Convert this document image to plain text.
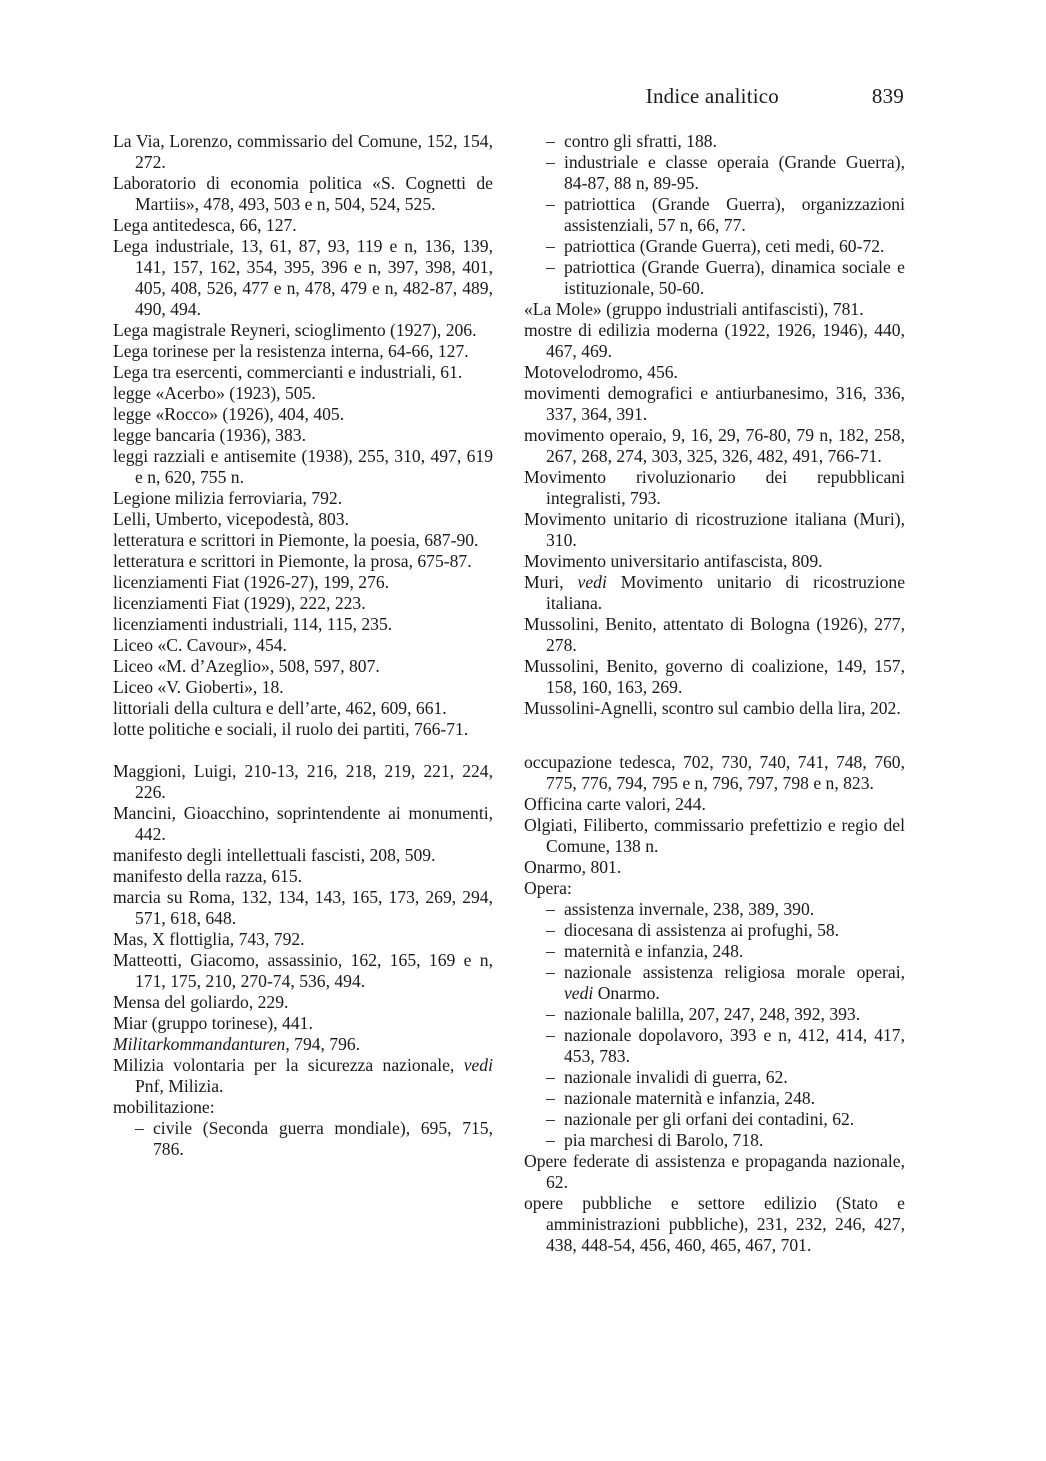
Indice analitico	839
La Via, Lorenzo, commissario del Comune, 152, 154, 272.
Laboratorio di economia politica «S. Cognetti de Martiis», 478, 493, 503 e n, 504, 524, 525.
Lega antitedesca, 66, 127.
Lega industriale, 13, 61, 87, 93, 119 e n, 136, 139, 141, 157, 162, 354, 395, 396 e n, 397, 398, 401, 405, 408, 526, 477 e n, 478, 479 e n, 482-87, 489, 490, 494.
Lega magistrale Reyneri, scioglimento (1927), 206.
Lega torinese per la resistenza interna, 64-66, 127.
Lega tra esercenti, commercianti e industriali, 61.
legge «Acerbo» (1923), 505.
legge «Rocco» (1926), 404, 405.
legge bancaria (1936), 383.
leggi razziali e antisemite (1938), 255, 310, 497, 619 e n, 620, 755 n.
Legione milizia ferroviaria, 792.
Lelli, Umberto, vicepodestà, 803.
letteratura e scrittori in Piemonte, la poesia, 687-90.
letteratura e scrittori in Piemonte, la prosa, 675-87.
licenziamenti Fiat (1926-27), 199, 276.
licenziamenti Fiat (1929), 222, 223.
licenziamenti industriali, 114, 115, 235.
Liceo «C. Cavour», 454.
Liceo «M. d’Azeglio», 508, 597, 807.
Liceo «V. Gioberti», 18.
littoriali della cultura e dell’arte, 462, 609, 661.
lotte politiche e sociali, il ruolo dei partiti, 766-71.
Maggioni, Luigi, 210-13, 216, 218, 219, 221, 224, 226.
Mancini, Gioacchino, soprintendente ai monumenti, 442.
manifesto degli intellettuali fascisti, 208, 509.
manifesto della razza, 615.
marcia su Roma, 132, 134, 143, 165, 173, 269, 294, 571, 618, 648.
Mas, X flottiglia, 743, 792.
Matteotti, Giacomo, assassinio, 162, 165, 169 e n, 171, 175, 210, 270-74, 536, 494.
Mensa del goliardo, 229.
Miar (gruppo torinese), 441.
Militarkommandanturen, 794, 796.
Milizia volontaria per la sicurezza nazionale, vedi Pnf, Milizia.
mobilitazione:
– civile (Seconda guerra mondiale), 695, 715, 786.
– contro gli sfratti, 188.
– industriale e classe operaia (Grande Guerra), 84-87, 88 n, 89-95.
– patriottica (Grande Guerra), organizzazioni assistenziali, 57 n, 66, 77.
– patriottica (Grande Guerra), ceti medi, 60-72.
– patriottica (Grande Guerra), dinamica sociale e istituzionale, 50-60.
«La Mole» (gruppo industriali antifascisti), 781.
mostre di edilizia moderna (1922, 1926, 1946), 440, 467, 469.
Motovelodromo, 456.
movimenti demografici e antiurbanesimo, 316, 336, 337, 364, 391.
movimento operaio, 9, 16, 29, 76-80, 79 n, 182, 258, 267, 268, 274, 303, 325, 326, 482, 491, 766-71.
Movimento rivoluzionario dei repubblicani integralisti, 793.
Movimento unitario di ricostruzione italiana (Muri), 310.
Movimento universitario antifascista, 809.
Muri, vedi Movimento unitario di ricostruzione italiana.
Mussolini, Benito, attentato di Bologna (1926), 277, 278.
Mussolini, Benito, governo di coalizione, 149, 157, 158, 160, 163, 269.
Mussolini-Agnelli, scontro sul cambio della lira, 202.
occupazione tedesca, 702, 730, 740, 741, 748, 760, 775, 776, 794, 795 e n, 796, 797, 798 e n, 823.
Officina carte valori, 244.
Olgiati, Filiberto, commissario prefettizio e regio del Comune, 138 n.
Onarmo, 801.
Opera:
– assistenza invernale, 238, 389, 390.
– diocesana di assistenza ai profughi, 58.
– maternità e infanzia, 248.
– nazionale assistenza religiosa morale operai, vedi Onarmo.
– nazionale balilla, 207, 247, 248, 392, 393.
– nazionale dopolavoro, 393 e n, 412, 414, 417, 453, 783.
– nazionale invalidi di guerra, 62.
– nazionale maternità e infanzia, 248.
– nazionale per gli orfani dei contadini, 62.
– pia marchesi di Barolo, 718.
Opere federate di assistenza e propaganda nazionale, 62.
opere pubbliche e settore edilizio (Stato e amministrazioni pubbliche), 231, 232, 246, 427, 438, 448-54, 456, 460, 465, 467, 701.
